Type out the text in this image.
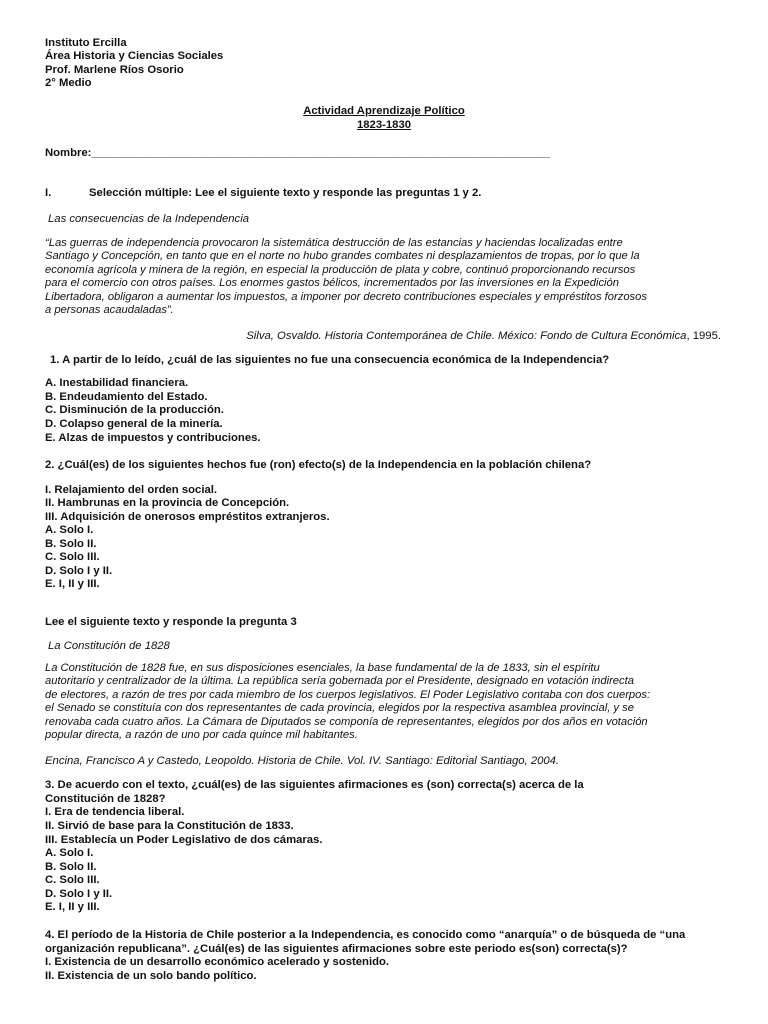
Instituto Ercilla
Área Historia y Ciencias Sociales
Prof. Marlene Ríos Osorio
2° Medio
Actividad Aprendizaje Político
1823-1830
Nombre:_________________________________________________________________________
I.	Selección múltiple: Lee el siguiente texto y responde las preguntas 1 y 2.
Las consecuencias de la Independencia

“Las guerras de independencia provocaron la sistemática destrucción de las estancias y haciendas localizadas entre

Santiago y Concepción, en tanto que en el norte no hubo grandes combates ni desplazamientos de tropas, por lo que la

economía agrícola y minera de la región, en especial la producción de plata y cobre, continuó proporcionando recursos

para el comercio con otros países. Los enormes gastos bélicos, incrementados por las inversiones en la Expedición

Libertadora, obligaron a aumentar los impuestos, a imponer por decreto contribuciones especiales y empréstitos forzosos

a personas acaudaladas”.

Silva, Osvaldo. Historia Contemporánea de Chile. México: Fondo de Cultura Económica, 1995.
1. A partir de lo leído, ¿cuál de las siguientes no fue una consecuencia económica de la Independencia?
A. Inestabilidad financiera.
B. Endeudamiento del Estado.
C. Disminución de la producción.
D. Colapso general de la minería.
E. Alzas de impuestos y contribuciones.
2. ¿Cuál(es) de los siguientes hechos fue (ron) efecto(s) de la Independencia en la población chilena?
I. Relajamiento del orden social.
II. Hambrunas en la provincia de Concepción.
III. Adquisición de onerosos empréstitos extranjeros.
A. Solo I.
B. Solo II.
C. Solo III.
D. Solo I y II.
E. I, II y III.
Lee el siguiente texto y responde la pregunta 3
La Constitución de 1828

La Constitución de 1828 fue, en sus disposiciones esenciales, la base fundamental de la de 1833, sin el espíritu

autoritario y centralizador de la última. La república sería gobernada por el Presidente, designado en votación indirecta

de electores, a razón de tres por cada miembro de los cuerpos legislativos. El Poder Legislativo contaba con dos cuerpos:

el Senado se constituía con dos representantes de cada provincia, elegidos por la respectiva asamblea provincial, y se

renovaba cada cuatro años. La Cámara de Diputados se componía de representantes, elegidos por dos años en votación

popular directa, a razón de uno por cada quince mil habitantes.

Encina, Francisco A y Castedo, Leopoldo. Historia de Chile. Vol. IV. Santiago: Editorial Santiago, 2004.
3. De acuerdo con el texto, ¿cuál(es) de las siguientes afirmaciones es (son) correcta(s) acerca de la
Constitución de 1828?
I. Era de tendencia liberal.
II. Sirvió de base para la Constitución de 1833.
III. Establecía un Poder Legislativo de dos cámaras.
A. Solo I.
B. Solo II.
C. Solo III.
D. Solo I y II.
E. I, II y III.
4. El período de la Historia de Chile posterior a la Independencia, es conocido como “anarquía” o de búsqueda de “una
organización republicana”. ¿Cuál(es) de las siguientes afirmaciones sobre este periodo es(son) correcta(s)?
I. Existencia de un desarrollo económico acelerado y sostenido.
II. Existencia de un solo bando político.
